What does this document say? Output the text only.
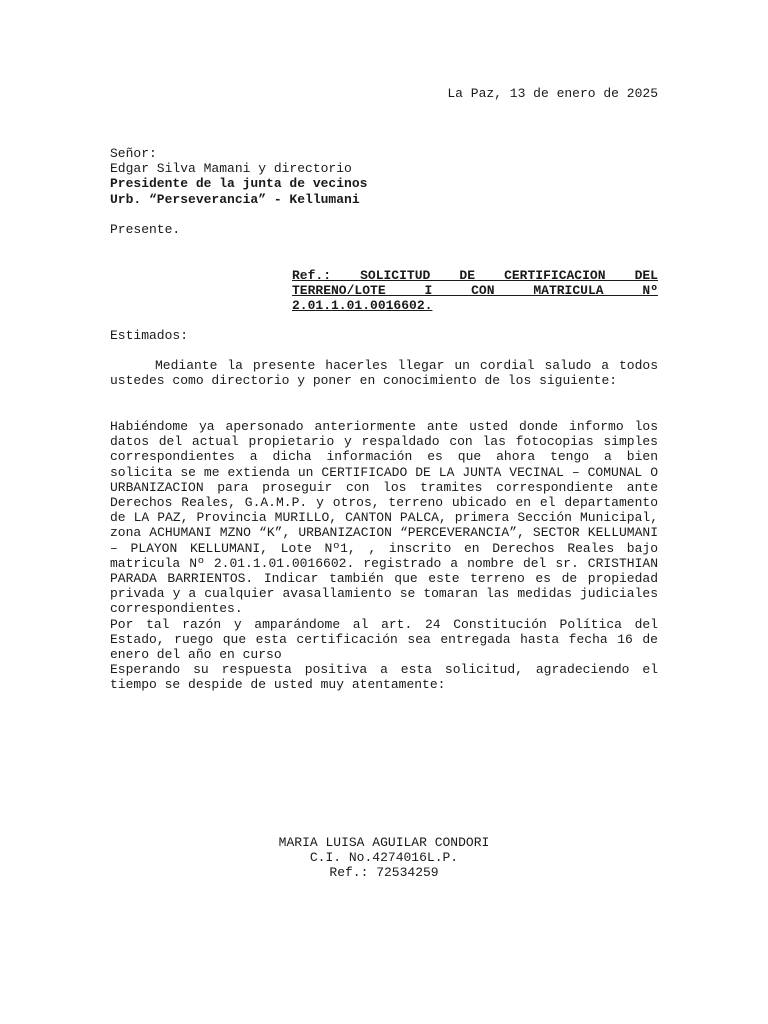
La Paz, 13 de enero de 2025
Señor:
Edgar Silva Mamani y directorio
Presidente de la junta de vecinos
Urb. “Perseverancia” - Kellumani
Presente.
Ref.: SOLICITUD DE CERTIFICACION DEL TERRENO/LOTE I CON MATRICULA Nº 2.01.1.01.0016602.
Estimados:
Mediante la presente hacerles llegar un cordial saludo a todos ustedes como directorio y poner en conocimiento de los siguiente:

Habiéndome ya apersonado anteriormente ante usted donde informo los datos del actual propietario y respaldado con las fotocopias simples correspondientes a dicha información es que ahora tengo a bien solicita se me extienda un CERTIFICADO DE LA JUNTA VECINAL – COMUNAL O URBANIZACION para proseguir con los tramites correspondiente ante Derechos Reales, G.A.M.P. y otros, terreno ubicado en el departamento de LA PAZ, Provincia MURILLO, CANTON PALCA, primera Sección Municipal, zona ACHUMANI MZNO “K”, URBANIZACION “PERCEVERANCIA”, SECTOR KELLUMANI – PLAYON KELLUMANI, Lote Nº1, , inscrito en Derechos Reales bajo matricula Nº 2.01.1.01.0016602. registrado a nombre del sr. CRISTHIAN PARADA BARRIENTOS. Indicar también que este terreno es de propiedad privada y a cualquier avasallamiento se tomaran las medidas judiciales correspondientes.

Por tal razón y amparándome al art. 24 Constitución Política del Estado, ruego que esta certificación sea entregada hasta fecha 16 de enero del año en curso

Esperando su respuesta positiva a esta solicitud, agradeciendo el tiempo se despide de usted muy atentamente:

MARIA LUISA AGUILAR CONDORI
C.I. No.4274016L.P.
Ref.: 72534259
